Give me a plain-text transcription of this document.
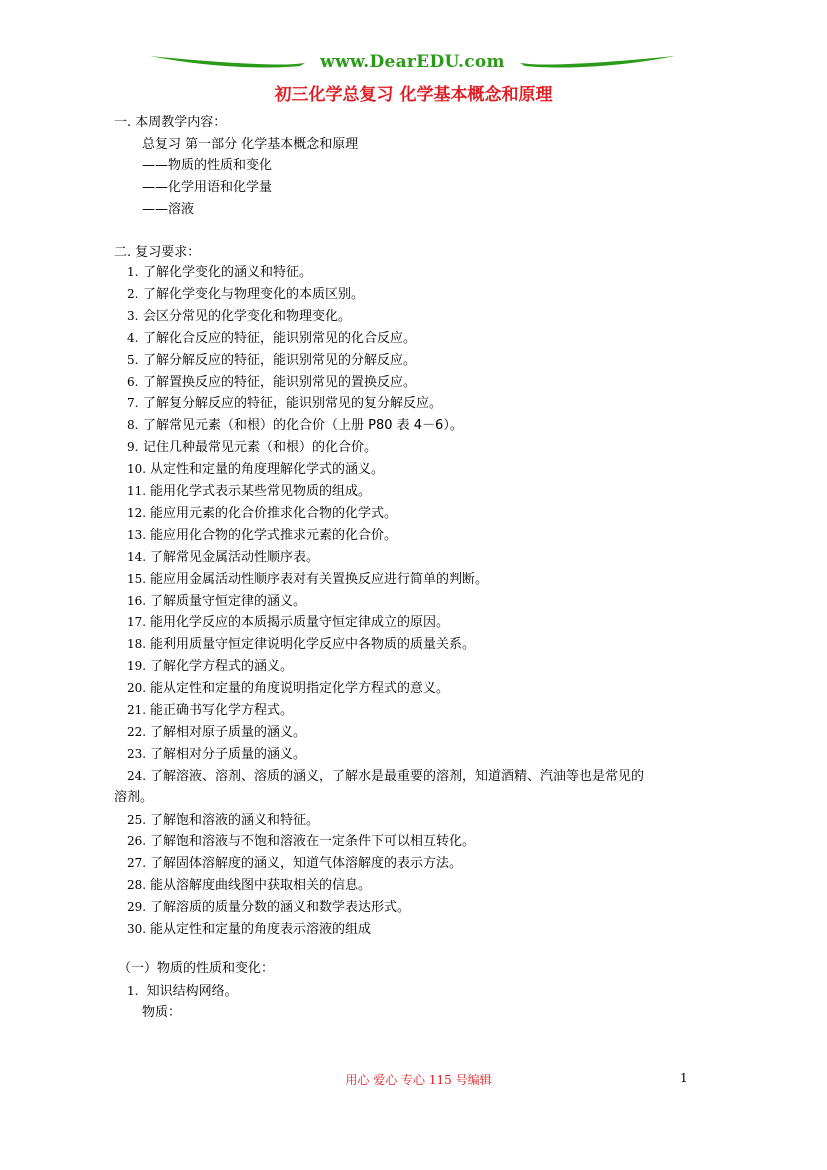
www.DearEDU.com
初三化学总复习 化学基本概念和原理
一. 本周教学内容：
总复习 第一部分 化学基本概念和原理
——物质的性质和变化
——化学用语和化学量
——溶液
二. 复习要求：
1. 了解化学变化的涵义和特征。
2. 了解化学变化与物理变化的本质区别。
3. 会区分常见的化学变化和物理变化。
4. 了解化合反应的特征，能识别常见的化合反应。
5. 了解分解反应的特征，能识别常见的分解反应。
6. 了解置换反应的特征，能识别常见的置换反应。
7. 了解复分解反应的特征，能识别常见的复分解反应。
8. 了解常见元素（和根）的化合价（上册 P80 表 4－6）。
9. 记住几种最常见元素（和根）的化合价。
10. 从定性和定量的角度理解化学式的涵义。
11. 能用化学式表示某些常见物质的组成。
12. 能应用元素的化合价推求化合物的化学式。
13. 能应用化合物的化学式推求元素的化合价。
14. 了解常见金属活动性顺序表。
15. 能应用金属活动性顺序表对有关置换反应进行简单的判断。
16. 了解质量守恒定律的涵义。
17. 能用化学反应的本质揭示质量守恒定律成立的原因。
18. 能利用质量守恒定律说明化学反应中各物质的质量关系。
19. 了解化学方程式的涵义。
20. 能从定性和定量的角度说明指定化学方程式的意义。
21. 能正确书写化学方程式。
22. 了解相对原子质量的涵义。
23. 了解相对分子质量的涵义。
24. 了解溶液、溶剂、溶质的涵义，了解水是最重要的溶剂，知道酒精、汽油等也是常见的
溶剂。
25. 了解饱和溶液的涵义和特征。
26. 了解饱和溶液与不饱和溶液在一定条件下可以相互转化。
27. 了解固体溶解度的涵义，知道气体溶解度的表示方法。
28. 能从溶解度曲线图中获取相关的信息。
29. 了解溶质的质量分数的涵义和数学表达形式。
30. 能从定性和定量的角度表示溶液的组成
（一）物质的性质和变化：
1. 知识结构网络。
物质：
用心 爱心 专心 115 号编辑	1
